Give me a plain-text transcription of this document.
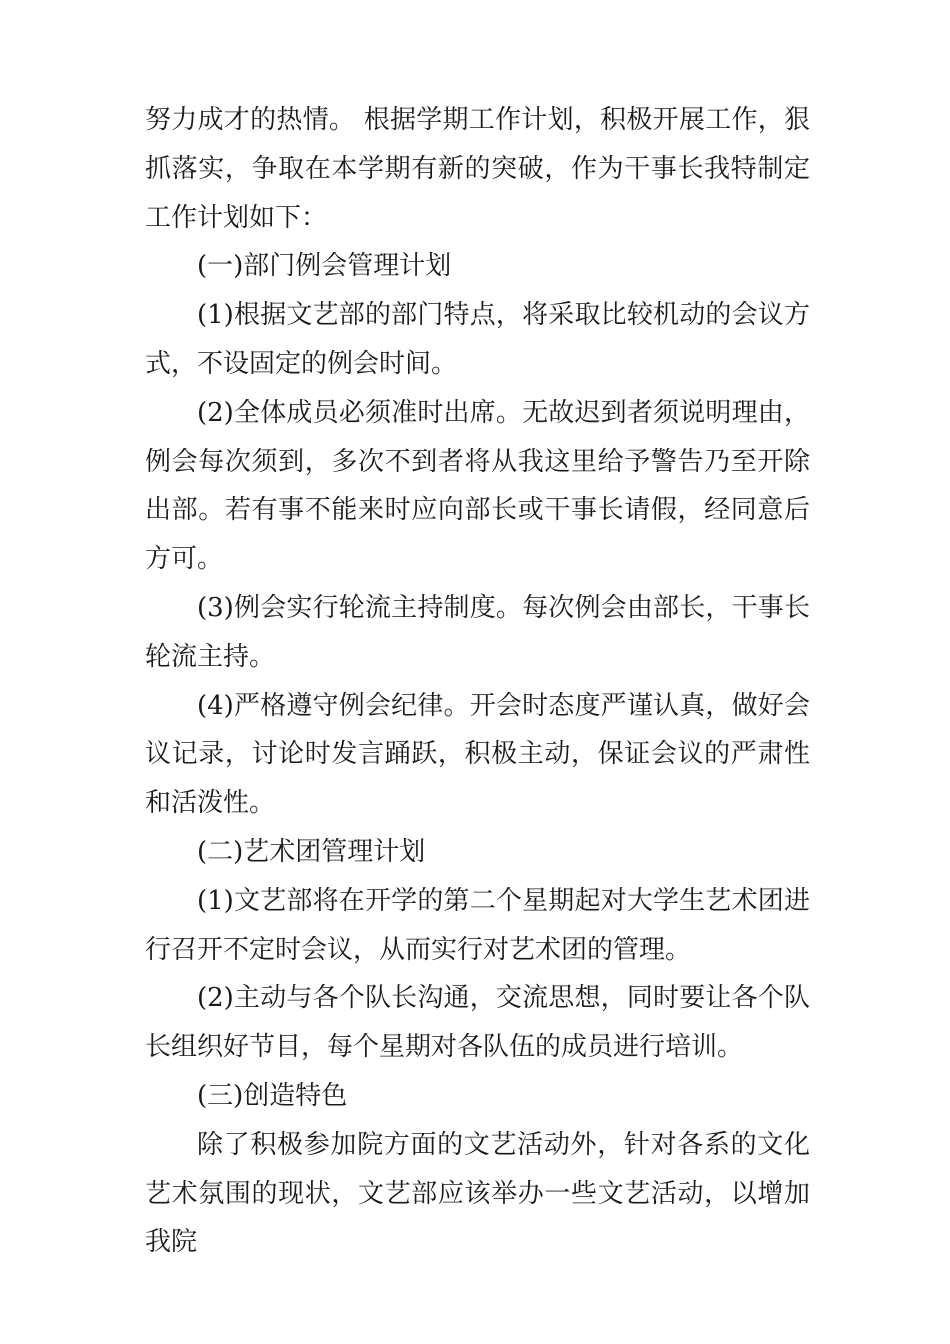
努力成才的热情。 根据学期工作计划，积极开展工作，狠抓落实，争取在本学期有新的突破，作为干事长我特制定工作计划如下：

(一)部门例会管理计划

(1)根据文艺部的部门特点，将采取比较机动的会议方式，不设固定的例会时间。

(2)全体成员必须准时出席。无故迟到者须说明理由，例会每次须到，多次不到者将从我这里给予警告乃至开除出部。若有事不能来时应向部长或干事长请假，经同意后方可。

(3)例会实行轮流主持制度。每次例会由部长，干事长轮流主持。

(4)严格遵守例会纪律。开会时态度严谨认真，做好会议记录，讨论时发言踊跃，积极主动，保证会议的严肃性和活泼性。

(二)艺术团管理计划

(1)文艺部将在开学的第二个星期起对大学生艺术团进行召开不定时会议，从而实行对艺术团的管理。

(2)主动与各个队长沟通，交流思想，同时要让各个队长组织好节目，每个星期对各队伍的成员进行培训。

(三)创造特色

除了积极参加院方面的文艺活动外，针对各系的文化艺术氛围的现状，文艺部应该举办一些文艺活动，以增加我院
